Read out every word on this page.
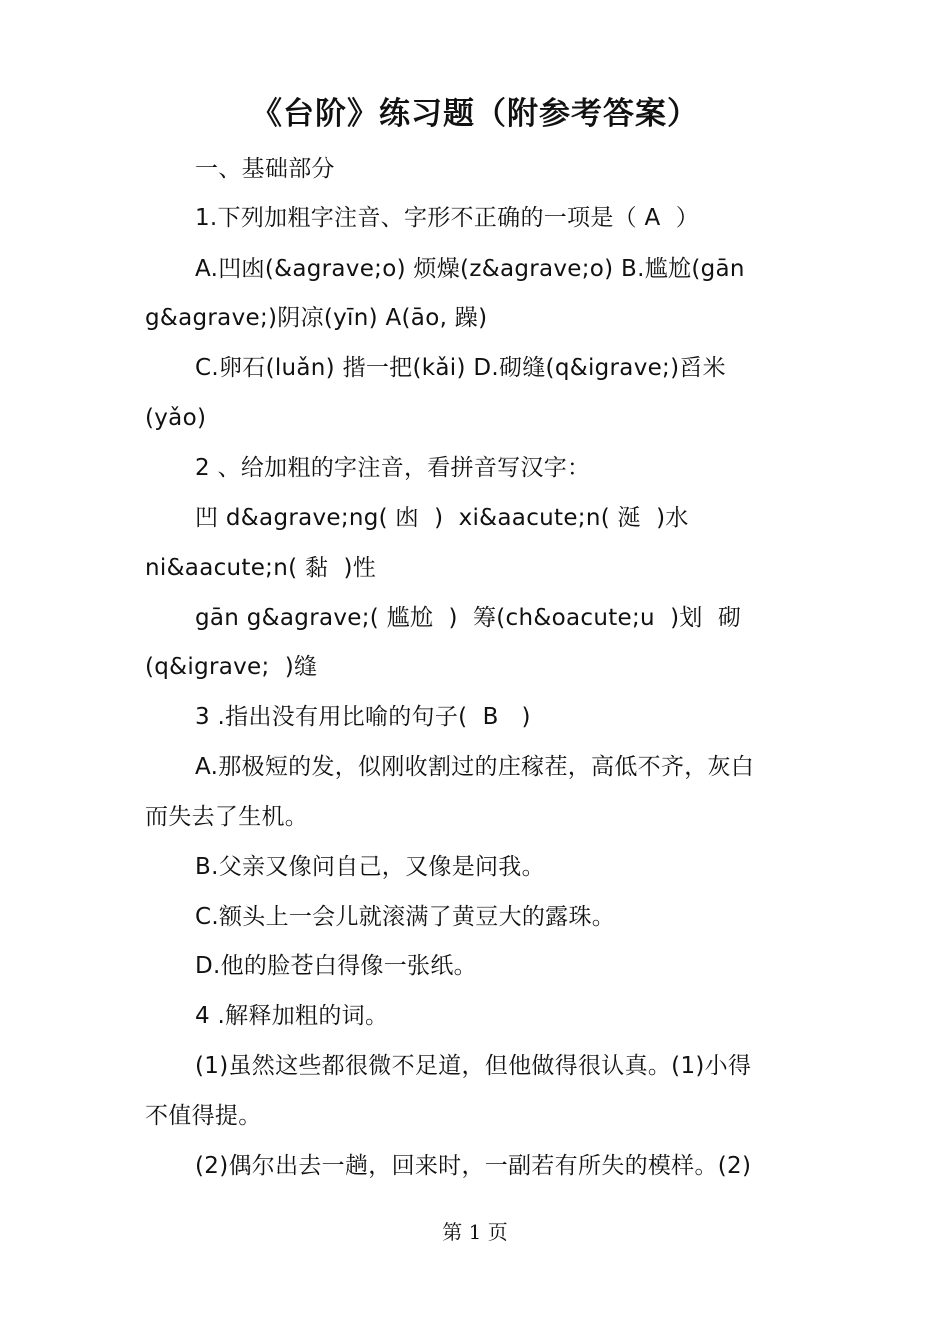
《台阶》练习题（附参考答案）
一、基础部分
1.下列加粗字注音、字形不正确的一项是（ A  ）
A.凹凼(&agrave;o) 烦燥(z&agrave;o) B.尴尬(gān
g&agrave;)阴凉(yīn) A(āo, 躁)
C.卵石(luǎn) 揩一把(kǎi) D.砌缝(q&igrave;)舀米
(yǎo)
2 、给加粗的字注音，看拼音写汉字：
凹 d&agrave;ng( 凼  )  xi&aacute;n( 涎  )水
ni&aacute;n( 黏  )性
gān g&agrave;( 尴尬  )  筹(ch&oacute;u  )划  砌
(q&igrave;  )缝
3 .指出没有用比喻的句子(  B   )
A.那极短的发，似刚收割过的庄稼茬，高低不齐，灰白
而失去了生机。
B.父亲又像问自己，又像是问我。
C.额头上一会儿就滚满了黄豆大的露珠。
D.他的脸苍白得像一张纸。
4 .解释加粗的词。
(1)虽然这些都很微不足道，但他做得很认真。(1)小得
不值得提。
(2)偶尔出去一趟，回来时，一副若有所失的模样。(2)
第 1 页
